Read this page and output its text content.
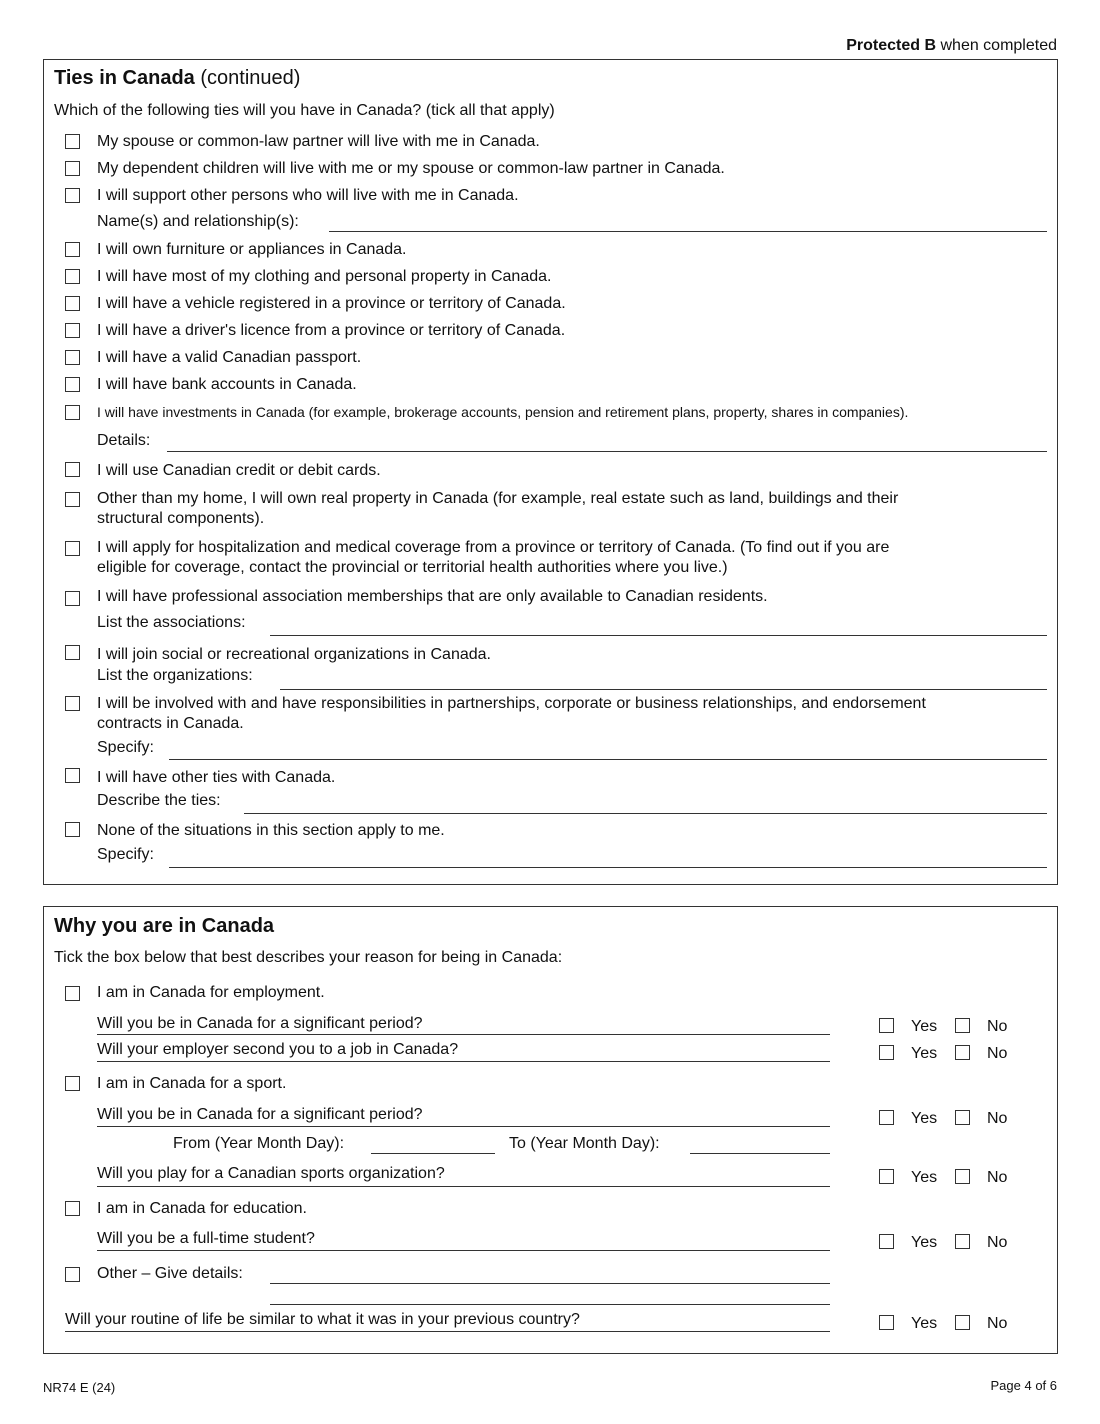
Protected B when completed
Ties in Canada (continued)
Which of the following ties will you have in Canada? (tick all that apply)
My spouse or common-law partner will live with me in Canada.
My dependent children will live with me or my spouse or common-law partner in Canada.
I will support other persons who will live with me in Canada.
Name(s) and relationship(s):
I will own furniture or appliances in Canada.
I will have most of my clothing and personal property in Canada.
I will have a vehicle registered in a province or territory of Canada.
I will have a driver's licence from a province or territory of Canada.
I will have a valid Canadian passport.
I will have bank accounts in Canada.
I will have investments in Canada (for example, brokerage accounts, pension and retirement plans, property, shares in companies).
Details:
I will use Canadian credit or debit cards.
Other than my home, I will own real property in Canada (for example, real estate such as land, buildings and their
structural components).
I will apply for hospitalization and medical coverage from a province or territory of Canada. (To find out if you are
eligible for coverage, contact the provincial or territorial health authorities where you live.)
I will have professional association memberships that are only available to Canadian residents.
List the associations:
I will join social or recreational organizations in Canada.
List the organizations:
I will be involved with and have responsibilities in partnerships, corporate or business relationships, and endorsement
contracts in Canada.
Specify:
I will have other ties with Canada.
Describe the ties:
None of the situations in this section apply to me.
Specify:
Why you are in Canada
Tick the box below that best describes your reason for being in Canada:
I am in Canada for employment.
Will you be in Canada for a significant period?	Yes	No
Will your employer second you to a job in Canada?	Yes	No
I am in Canada for a sport.
Will you be in Canada for a significant period?	Yes	No
From (Year Month Day):	To (Year Month Day):
Will you play for a Canadian sports organization?	Yes	No
I am in Canada for education.
Will you be a full-time student?	Yes	No
Other – Give details:
Will your routine of life be similar to what it was in your previous country?	Yes	No
NR74 E (24)	Page 4 of 6
